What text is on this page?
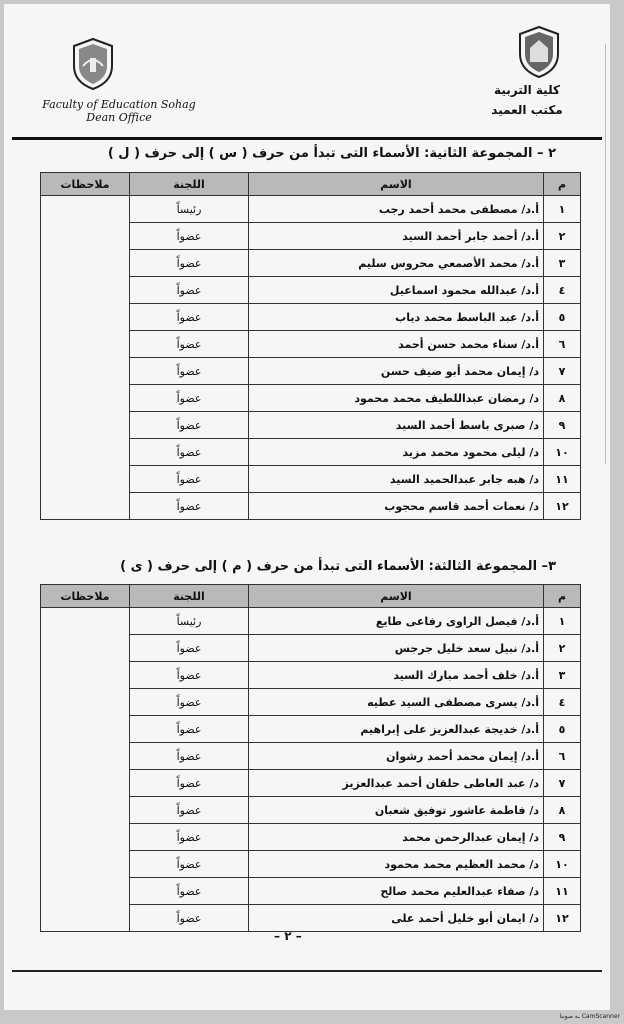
Faculty of Education Sohag
Dean Office
كلية التربية
مكتب العميد
٢ – المجموعة الثانية: الأسماء التى تبدأ من حرف ( س ) إلى حرف ( ل )
م	الاسم	اللجنة	ملاحظات
١	أ.د/ مصطفى محمد أحمد رجب	رئيساً	
٢	أ.د/ أحمد جابر أحمد السيد	عضواً	
٣	أ.د/ محمد الأصمعي محروس سليم	عضواً	
٤	أ.د/ عبدالله محمود اسماعيل	عضواً	
٥	أ.د/ عبد الباسط محمد دياب	عضواً	
٦	أ.د/ سناء محمد حسن أحمد	عضواً	
٧	د/ إيمان محمد أبو ضيف حسن	عضواً	
٨	د/ رمضان عبداللطيف محمد محمود	عضواً	
٩	د/ صبرى باسط أحمد السيد	عضواً	
١٠	د/ ليلى محمود محمد مزيد	عضواً	
١١	د/ هبه جابر عبدالحميد السيد	عضواً	
١٢	د/ نعمات أحمد قاسم محجوب	عضواً	
٣– المجموعة الثالثة: الأسماء التى تبدأ من حرف ( م ) إلى حرف ( ى )
م	الاسم	اللجنة	ملاحظات
١	أ.د/ فيصل الراوى رفاعى طايع	رئيساً	
٢	أ.د/ نبيل سعد خليل جرجس	عضواً	
٣	أ.د/ خلف أحمد مبارك السيد	عضواً	
٤	أ.د/ يسرى مصطفى السيد عطيه	عضواً	
٥	أ.د/ خديجة عبدالعزيز على إبراهيم	عضواً	
٦	أ.د/ إيمان محمد أحمد رشوان	عضواً	
٧	د/ عبد العاطى حلقان أحمد عبدالعزيز	عضواً	
٨	د/ فاطمة عاشور توفيق شعبان	عضواً	
٩	د/ إيمان عبدالرحمن محمد	عضواً	
١٠	د/ محمد العظيم محمد محمود	عضواً	
١١	د/ صفاء عبدالعليم محمد صالح	عضواً	
١٢	د/ ايمان أبو خليل أحمد على	عضواً	
– ٢ –
CamScanner ـه صوبنا
